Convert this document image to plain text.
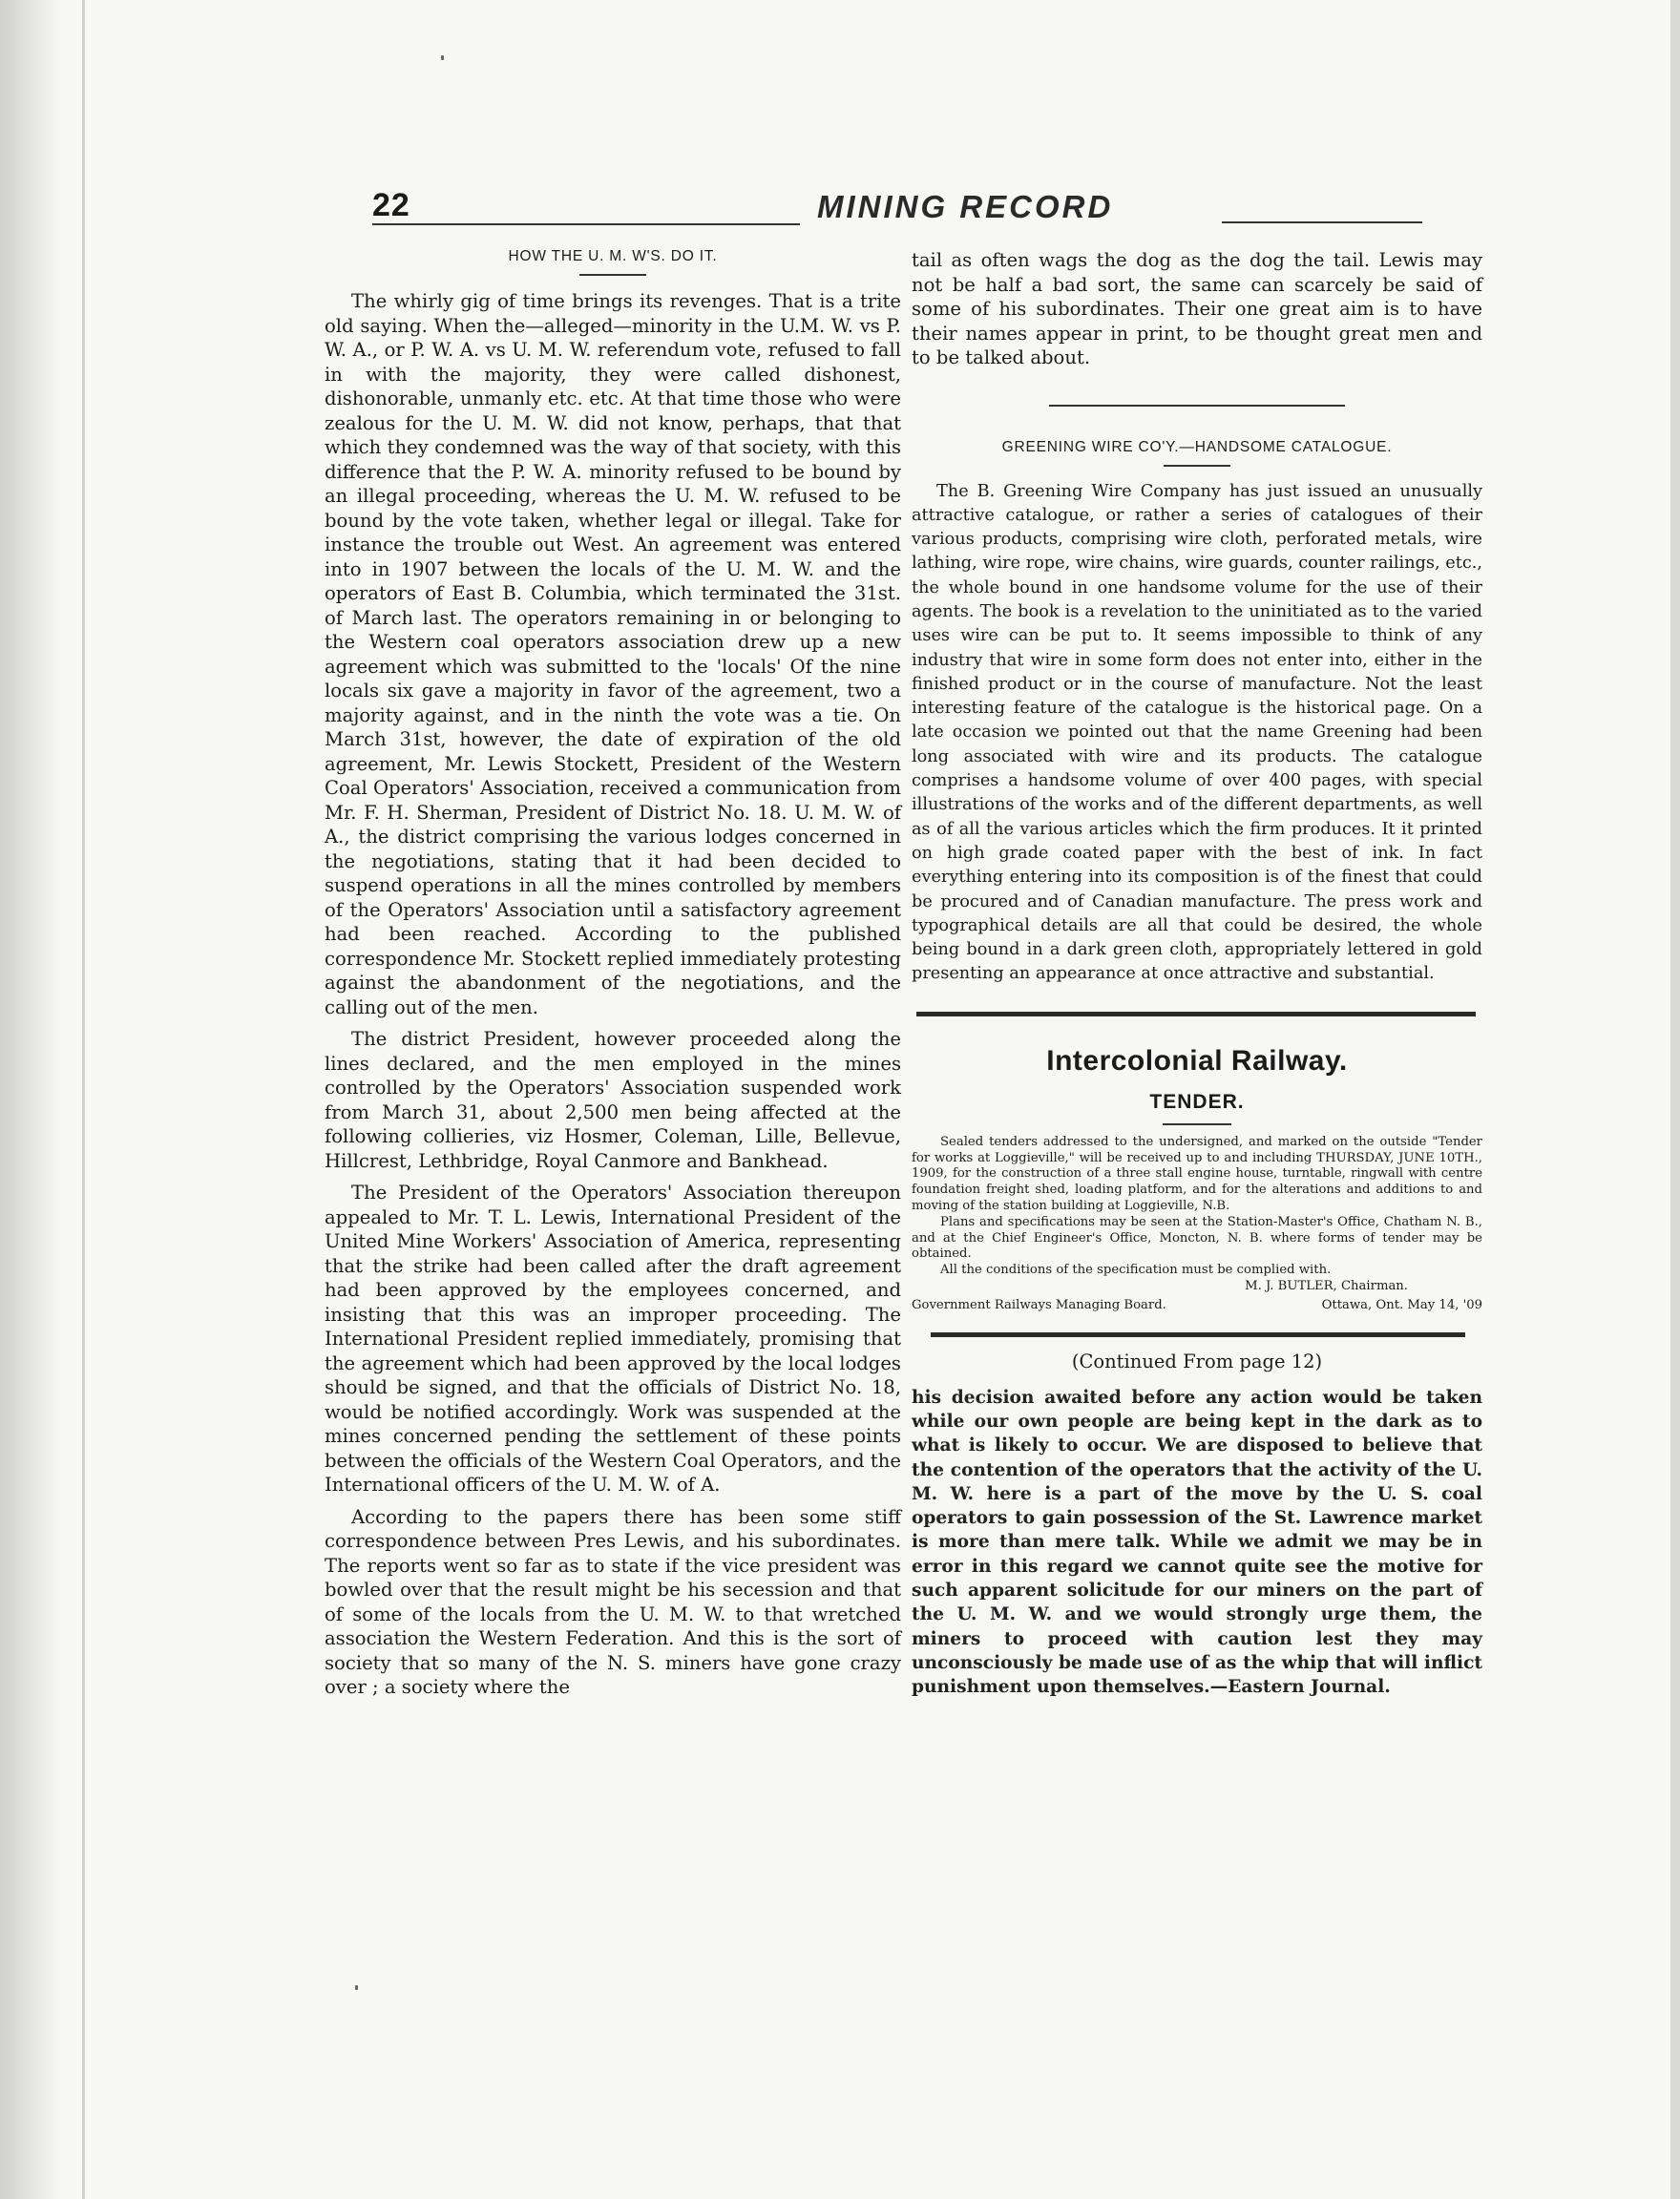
22	MINING RECORD

HOW THE U. M. W'S. DO IT.

The whirly gig of time brings its revenges. That is a trite old saying. When the—alleged—minority in the U.M. W. vs P. W. A., or P. W. A. vs U. M. W. referendum vote, refused to fall in with the majority, they were called dishonest, dishonorable, unmanly etc. etc. At that time those who were zealous for the U. M. W. did not know, perhaps, that that which they condemned was the way of that society, with this difference that the P. W. A. minority refused to be bound by an illegal proceeding, whereas the U. M. W. refused to be bound by the vote taken, whether legal or illegal. Take for instance the trouble out West. An agreement was entered into in 1907 between the locals of the U. M. W. and the operators of East B. Columbia, which terminated the 31st. of March last. The operators remaining in or belonging to the Western coal operators association drew up a new agreement which was submitted to the 'locals' Of the nine locals six gave a majority in favor of the agreement, two a majority against, and in the ninth the vote was a tie. On March 31st, however, the date of expiration of the old agreement, Mr. Lewis Stockett, President of the Western Coal Operators' Association, received a communication from Mr. F. H. Sherman, President of District No. 18. U. M. W. of A., the district comprising the various lodges concerned in the negotiations, stating that it had been decided to suspend operations in all the mines controlled by members of the Operators' Association until a satisfactory agreement had been reached. According to the published correspondence Mr. Stockett replied immediately protesting against the abandonment of the negotiations, and the calling out of the men.

The district President, however proceeded along the lines declared, and the men employed in the mines controlled by the Operators' Association suspended work from March 31, about 2,500 men being affected at the following collieries, viz Hosmer, Coleman, Lille, Bellevue, Hillcrest, Lethbridge, Royal Canmore and Bankhead.

The President of the Operators' Association thereupon appealed to Mr. T. L. Lewis, International President of the United Mine Workers' Association of America, representing that the strike had been called after the draft agreement had been approved by the employees concerned, and insisting that this was an improper proceeding. The International President replied immediately, promising that the agreement which had been approved by the local lodges should be signed, and that the officials of District No. 18, would be notified accordingly. Work was suspended at the mines concerned pending the settlement of these points between the officials of the Western Coal Operators, and the International officers of the U. M. W. of A.

According to the papers there has been some stiff correspondence between Pres Lewis, and his subordinates. The reports went so far as to state if the vice president was bowled over that the result might be his secession and that of some of the locals from the U. M. W. to that wretched association the Western Federation. And this is the sort of society that so many of the N. S. miners have gone crazy over ; a society where the

tail as often wags the dog as the dog the tail. Lewis may not be half a bad sort, the same can scarcely be said of some of his subordinates. Their one great aim is to have their names appear in print, to be thought great men and to be talked about.

GREENING WIRE CO'Y.—HANDSOME CATALOGUE.

The B. Greening Wire Company has just issued an unusually attractive catalogue, or rather a series of catalogues of their various products, comprising wire cloth, perforated metals, wire lathing, wire rope, wire chains, wire guards, counter railings, etc., the whole bound in one handsome volume for the use of their agents. The book is a revelation to the uninitiated as to the varied uses wire can be put to. It seems impossible to think of any industry that wire in some form does not enter into, either in the finished product or in the course of manufacture. Not the least interesting feature of the catalogue is the historical page. On a late occasion we pointed out that the name Greening had been long associated with wire and its products. The catalogue comprises a handsome volume of over 400 pages, with special illustrations of the works and of the different departments, as well as of all the various articles which the firm produces. It it printed on high grade coated paper with the best of ink. In fact everything entering into its composition is of the finest that could be procured and of Canadian manufacture. The press work and typographical details are all that could be desired, the whole being bound in a dark green cloth, appropriately lettered in gold presenting an appearance at once attractive and substantial.

Intercolonial Railway.

TENDER.

Sealed tenders addressed to the undersigned, and marked on the outside "Tender for works at Loggieville," will be received up to and including THURSDAY, JUNE 10TH., 1909, for the construction of a three stall engine house, turntable, ringwall with centre foundation freight shed, loading platform, and for the alterations and additions to and moving of the station building at Loggieville, N.B.

Plans and specifications may be seen at the Station-Master's Office, Chatham N. B., and at the Chief Engineer's Office, Moncton, N. B. where forms of tender may be obtained.

All the conditions of the specification must be complied with.

M. J. BUTLER, Chairman.

Government Railways Managing Board.	Ottawa, Ont. May 14, '09

(Continued From page 12)

his decision awaited before any action would be taken while our own people are being kept in the dark as to what is likely to occur. We are disposed to believe that the contention of the operators that the activity of the U. M. W. here is a part of the move by the U. S. coal operators to gain possession of the St. Lawrence market is more than mere talk. While we admit we may be in error in this regard we cannot quite see the motive for such apparent solicitude for our miners on the part of the U. M. W. and we would strongly urge them, the miners to proceed with caution lest they may unconsciously be made use of as the whip that will inflict punishment upon themselves.—Eastern Journal.
